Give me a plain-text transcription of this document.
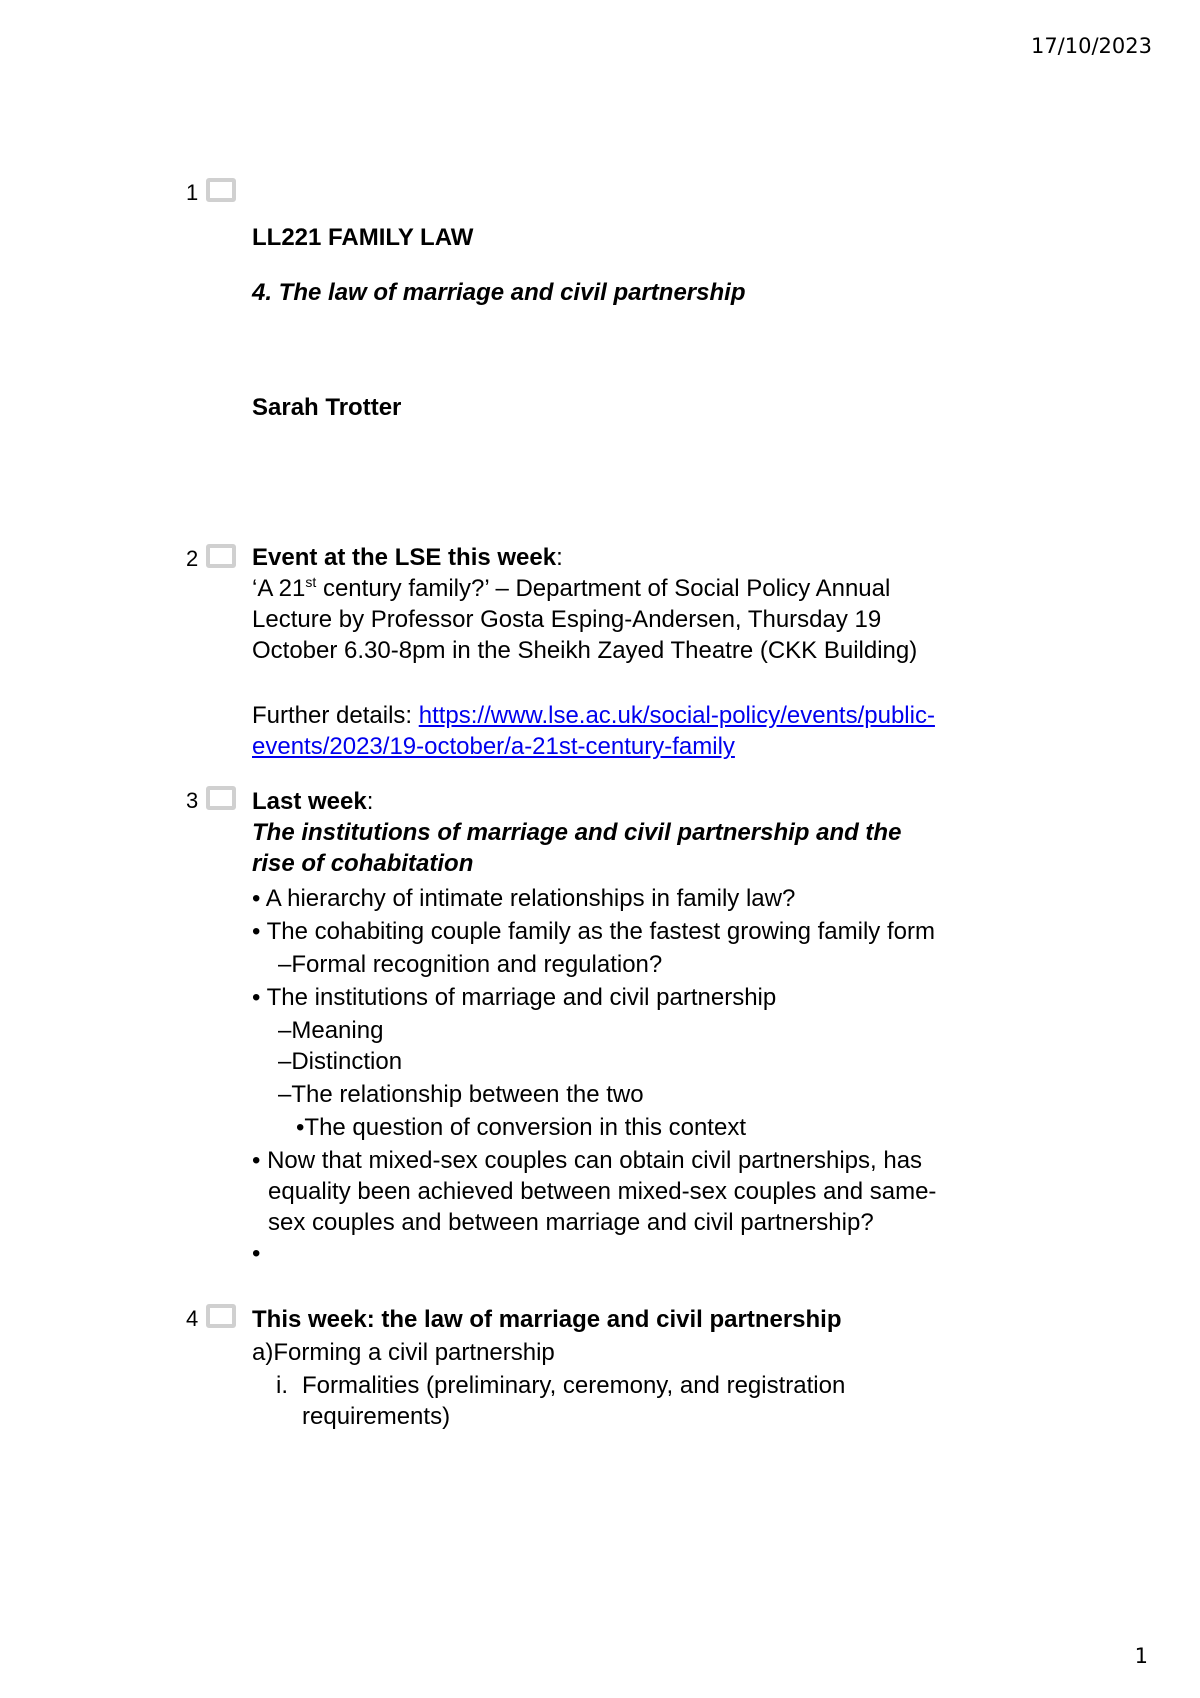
17/10/2023
1
LL221 FAMILY LAW
4. The law of marriage and civil partnership
Sarah Trotter
2	Event at the LSE this week:
‘A 21st century family?’ – Department of Social Policy Annual
Lecture by Professor Gosta Esping-Andersen, Thursday 19
October 6.30-8pm in the Sheikh Zayed Theatre (CKK Building)
Further details: https://www.lse.ac.uk/social-policy/events/public-
events/2023/19-october/a-21st-century-family
3	Last week:
The institutions of marriage and civil partnership and the
rise of cohabitation
• A hierarchy of intimate relationships in family law?
• The cohabiting couple family as the fastest growing family form
–Formal recognition and regulation?
• The institutions of marriage and civil partnership
–Meaning
–Distinction
–The relationship between the two
•The question of conversion in this context
• Now that mixed-sex couples can obtain civil partnerships, has
equality been achieved between mixed-sex couples and same-
sex couples and between marriage and civil partnership?
•
4	This week: the law of marriage and civil partnership
a)Forming a civil partnership
i. Formalities (preliminary, ceremony, and registration
requirements)
1
